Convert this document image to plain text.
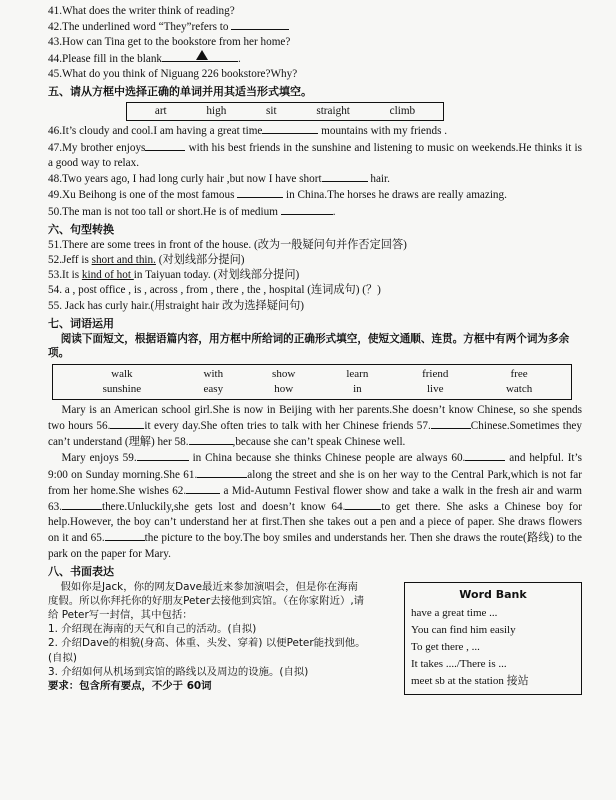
41.What does the writer think of reading?
42.The underlined word “They”refers to
43.How can Tina get to the bookstore from her home?
44.Please fill in the blank	.
45.What do you think of Niguang 226 bookstore?Why?
五、请从方框中选择正确的单词并用其适当形式填空。
art	high	sit	straight	climb
46.It’s cloudy and cool.I am having a great time	mountains with my friends .
47.My brother enjoys	with his best friends in the sunshine and listening to music on weekends.He thinks it is a good way to relax.
48.Two years ago, I had long curly hair ,but now I have short	hair.
49.Xu Beihong is one of the most famous	in China.The horses he draws are really amazing.
50.The man is not too tall or short.He is of medium	.
六、句型转换
51.There are some trees in front of the house. (改为一般疑问句并作否定回答)
52.Jeff is short and thin. (对划线部分提问)
53.It is kind of hot in Taiyuan today. (对划线部分提问)
54. a , post office , is , across , from , there , the , hospital (连词成句) (？)
55. Jack has curly hair.(用straight hair 改为选择疑问句)
七、词语运用
阅读下面短文，根据语篇内容，用方框中所给词的正确形式填空，使短文通顺、连贯。方框中有两个词为多余项。
walk	with	show	learn	friend	free
sunshine	easy	how	in	live	watch
Mary is an American school girl.She is now in Beijing with her parents.She doesn’t know Chinese, so she spends two hours 56.	it every day.She often tries to talk with her Chinese friends 57.	Chinese.Sometimes they can’t understand (理解) her 58.	,because she can’t speak Chinese well.
Mary enjoys 59.	in China because she thinks Chinese people are always 60.	and helpful. It’s 9:00 on Sunday morning.She 61.	along the street and she is on her way to the Central Park,which is not far from her home.She wishes 62.	a Mid-Autumn Festival flower show and take a walk in the fresh air and warm 63.	there.Unluckily,she gets lost and doesn’t know 64.	to get there. She asks a Chinese boy for help.However, the boy can’t understand her at first.Then she takes out a pen and a piece of paper. She draws flowers on it and 65.	the picture to the boy.The boy smiles and understands her. Then she draws the route(路线) to the park on the paper for Mary.
八、书面表达
假如你是Jack，你的网友Dave最近来参加演唱会，但是你在海南度假。所以你拜托你的好朋友Peter去接他到宾馆。（在你家附近）,请给 Peter写一封信，其中包括：
1. 介绍现在海南的天气和自己的活动。(自拟)
2. 介绍Dave的相貌(身高、体重、头发、穿着) 以便Peter能找到他。(自拟)
3. 介绍如何从机场到宾馆的路线以及周边的设施。(自拟)
要求：包含所有要点，不少于 60词
Word Bank
have a great time ...
You can find him easily
To get there , ...
It takes ..../There is ...
meet sb at the station 接站
